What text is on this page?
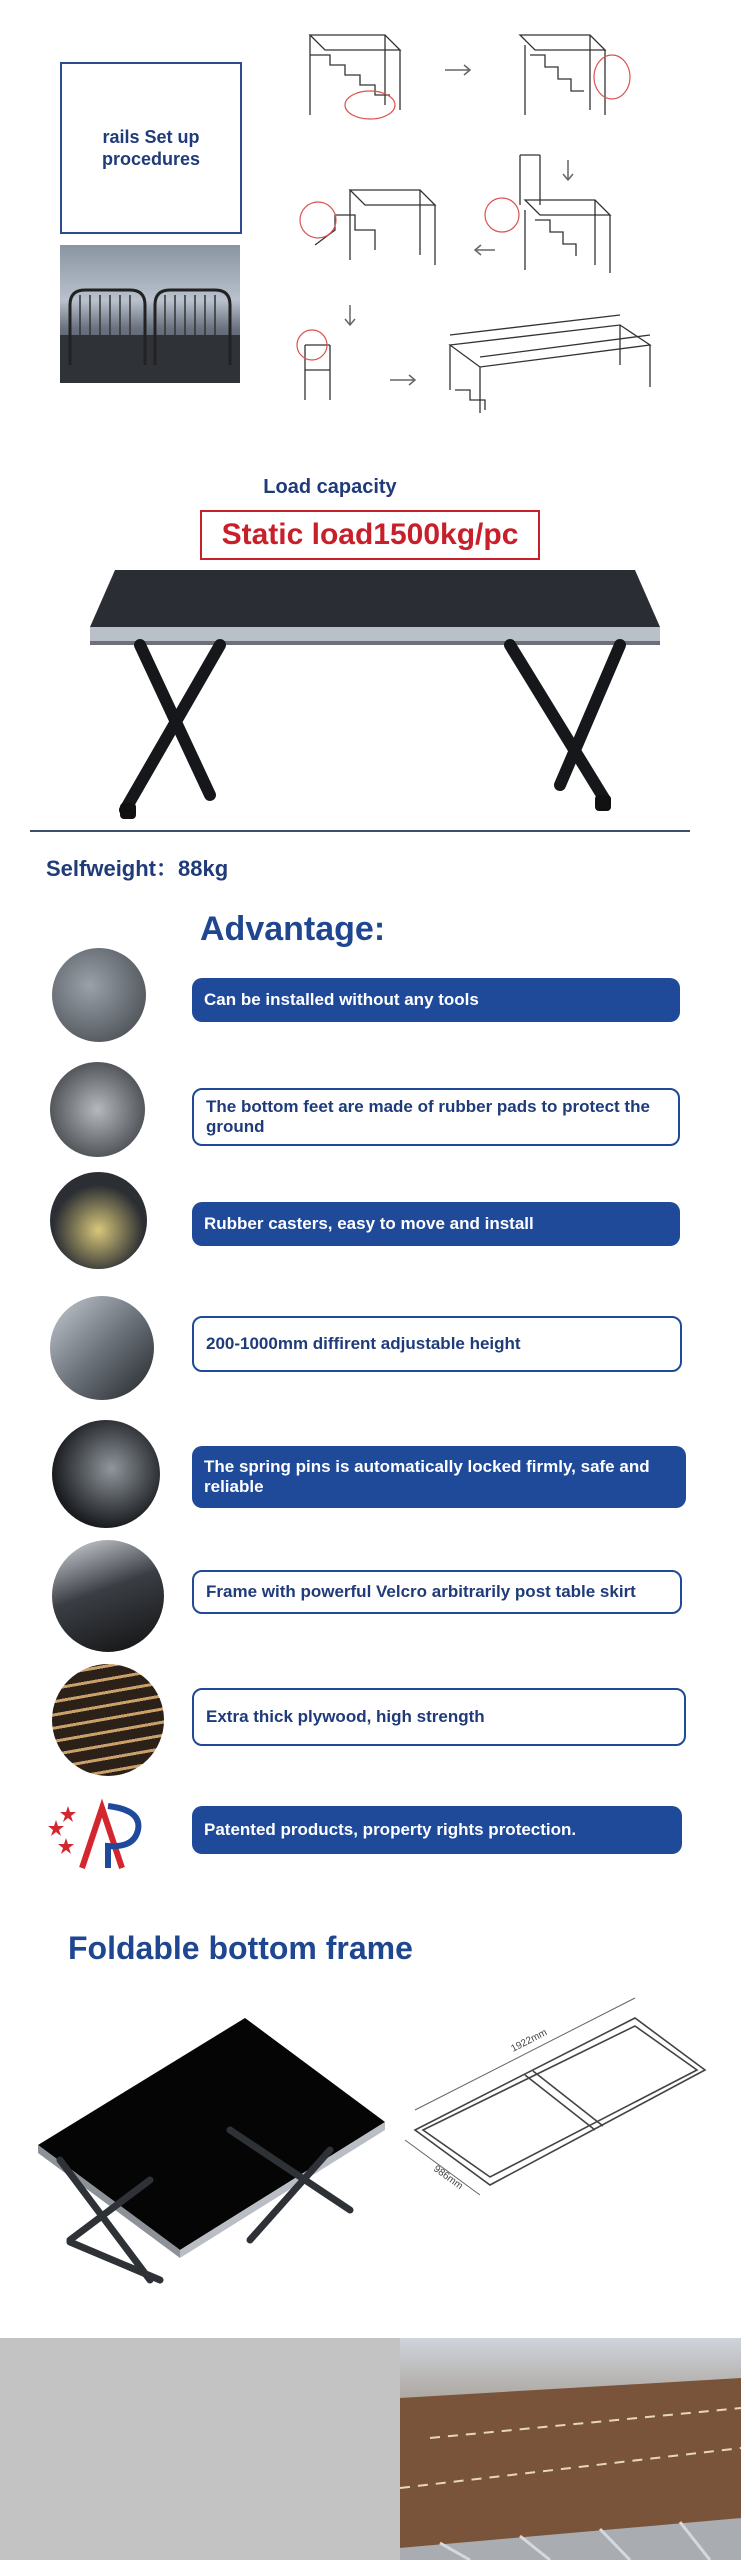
rails Set up procedures
Load capacity
Static load1500kg/pc
Selfweight：88kg
Advantage:
Can be installed without any tools
The bottom feet are made of rubber pads to protect the ground
Rubber casters, easy to move and install
200-1000mm diffirent adjustable height
The spring pins is automatically locked firmly, safe and reliable
Frame with powerful Velcro arbitrarily post table skirt
Extra thick plywood, high strength
Patented products, property rights protection.
Foldable bottom frame
1922mm
986mm
